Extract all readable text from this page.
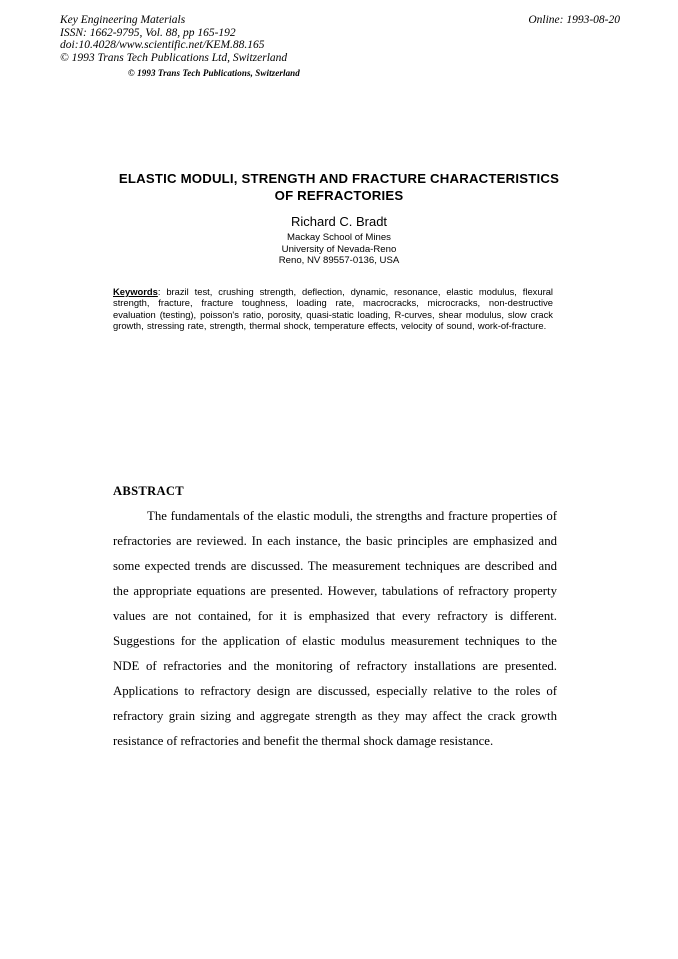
Key Engineering Materials
ISSN: 1662-9795, Vol. 88, pp 165-192
doi:10.4028/www.scientific.net/KEM.88.165
© 1993 Trans Tech Publications Ltd, Switzerland
Online: 1993-08-20
© 1993 Trans Tech Publications, Switzerland
ELASTIC MODULI, STRENGTH AND FRACTURE CHARACTERISTICS OF REFRACTORIES
Richard C. Bradt
Mackay School of Mines
University of Nevada-Reno
Reno, NV 89557-0136, USA
Keywords: brazil test, crushing strength, deflection, dynamic, resonance, elastic modulus, flexural strength, fracture, fracture toughness, loading rate, macrocracks, microcracks, non-destructive evaluation (testing), poisson's ratio, porosity, quasi-static loading, R-curves, shear modulus, slow crack growth, stressing rate, strength, thermal shock, temperature effects, velocity of sound, work-of-fracture.
ABSTRACT
The fundamentals of the elastic moduli, the strengths and fracture properties of refractories are reviewed. In each instance, the basic principles are emphasized and some expected trends are discussed. The measurement techniques are described and the appropriate equations are presented. However, tabulations of refractory property values are not contained, for it is emphasized that every refractory is different. Suggestions for the application of elastic modulus measurement techniques to the NDE of refractories and the monitoring of refractory installations are presented. Applications to refractory design are discussed, especially relative to the roles of refractory grain sizing and aggregate strength as they may affect the crack growth resistance of refractories and benefit the thermal shock damage resistance.
